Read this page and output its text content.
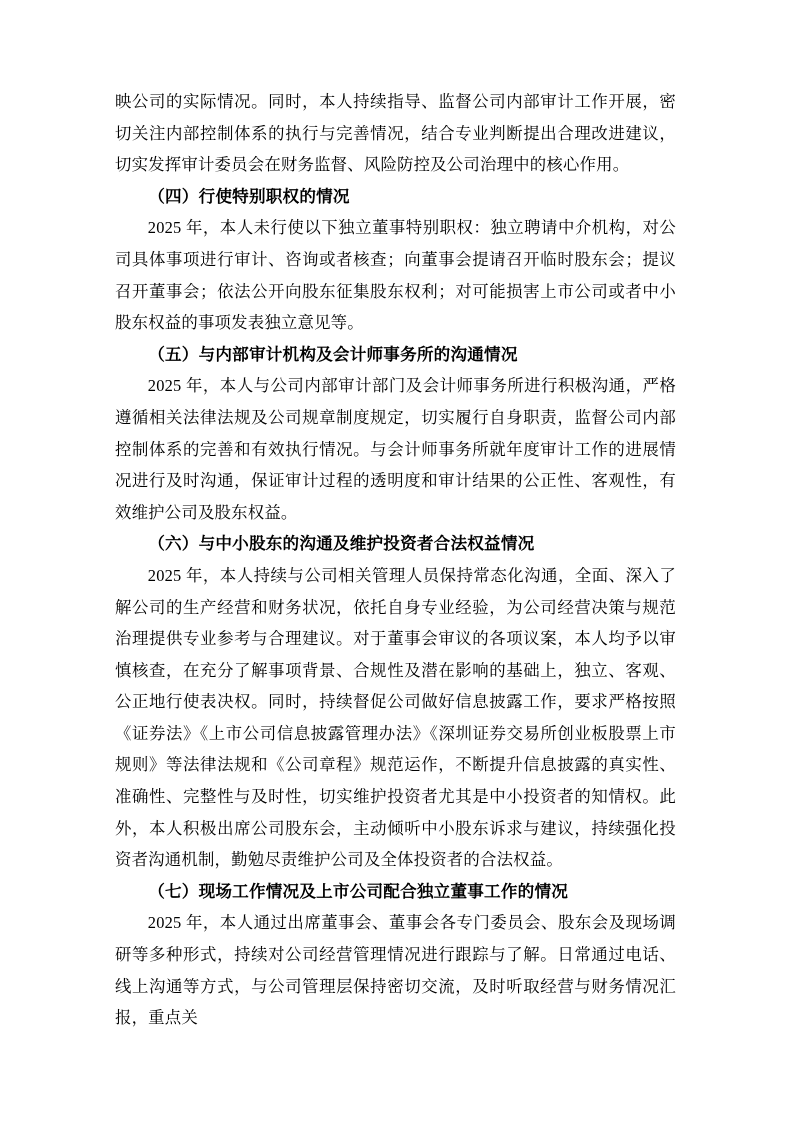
映公司的实际情况。同时，本人持续指导、监督公司内部审计工作开展，密切关注内部控制体系的执行与完善情况，结合专业判断提出合理改进建议，切实发挥审计委员会在财务监督、风险防控及公司治理中的核心作用。

（四）行使特别职权的情况

2025 年，本人未行使以下独立董事特别职权：独立聘请中介机构，对公司具体事项进行审计、咨询或者核查；向董事会提请召开临时股东会；提议召开董事会；依法公开向股东征集股东权利；对可能损害上市公司或者中小股东权益的事项发表独立意见等。

（五）与内部审计机构及会计师事务所的沟通情况

2025 年，本人与公司内部审计部门及会计师事务所进行积极沟通，严格遵循相关法律法规及公司规章制度规定，切实履行自身职责，监督公司内部控制体系的完善和有效执行情况。与会计师事务所就年度审计工作的进展情况进行及时沟通，保证审计过程的透明度和审计结果的公正性、客观性，有效维护公司及股东权益。

（六）与中小股东的沟通及维护投资者合法权益情况

2025 年，本人持续与公司相关管理人员保持常态化沟通，全面、深入了解公司的生产经营和财务状况，依托自身专业经验，为公司经营决策与规范治理提供专业参考与合理建议。对于董事会审议的各项议案，本人均予以审慎核查，在充分了解事项背景、合规性及潜在影响的基础上，独立、客观、公正地行使表决权。同时，持续督促公司做好信息披露工作，要求严格按照《证券法》《上市公司信息披露管理办法》《深圳证券交易所创业板股票上市规则》等法律法规和《公司章程》规范运作，不断提升信息披露的真实性、准确性、完整性与及时性，切实维护投资者尤其是中小投资者的知情权。此外，本人积极出席公司股东会，主动倾听中小股东诉求与建议，持续强化投资者沟通机制，勤勉尽责维护公司及全体投资者的合法权益。

（七）现场工作情况及上市公司配合独立董事工作的情况

2025 年，本人通过出席董事会、董事会各专门委员会、股东会及现场调研等多种形式，持续对公司经营管理情况进行跟踪与了解。日常通过电话、线上沟通等方式，与公司管理层保持密切交流，及时听取经营与财务情况汇报，重点关
